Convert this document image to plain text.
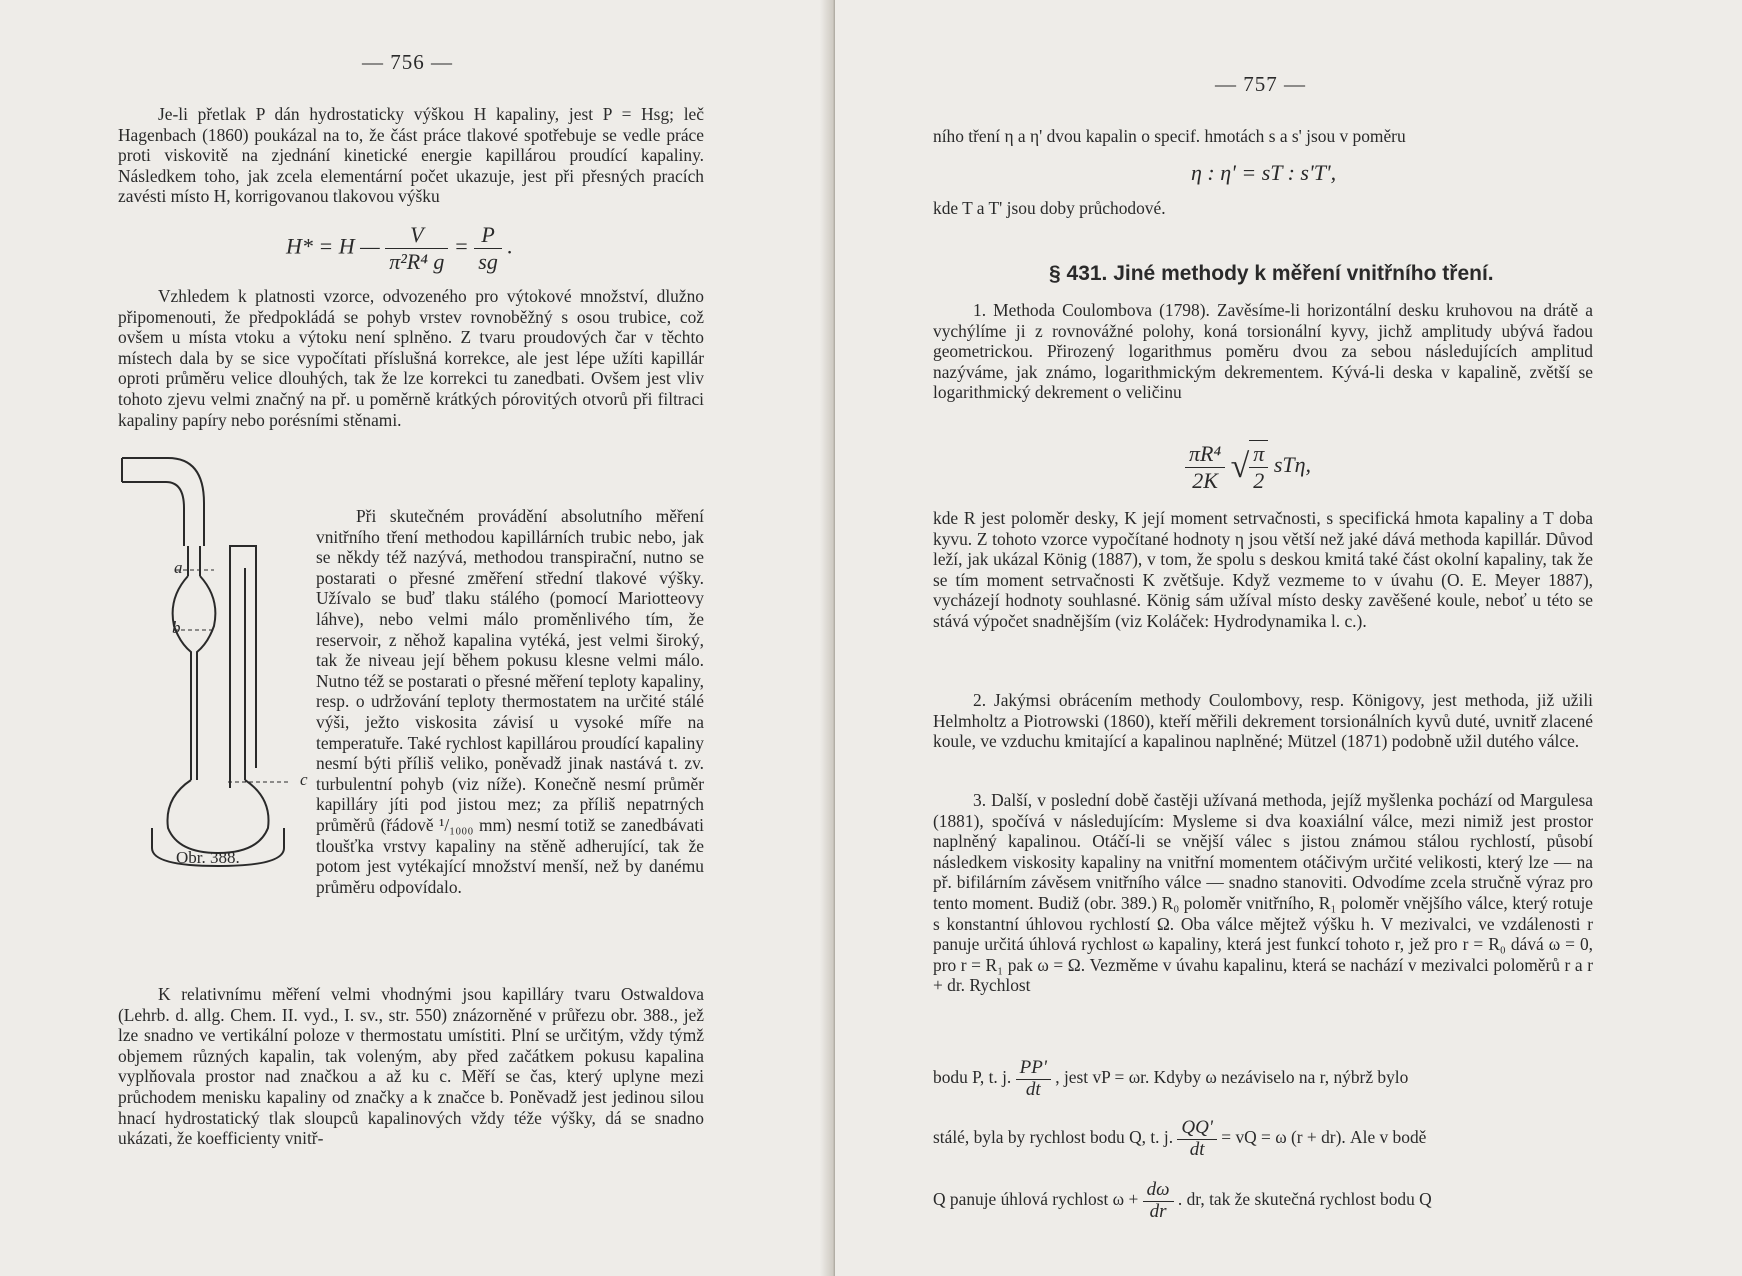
— 756 —

Je-li přetlak P dán hydrostaticky výškou H kapaliny, jest P = Hsg; leč Hagenbach (1860) poukázal na to, že část práce tlakové spotřebuje se vedle práce proti viskovitě na zjednání kinetické energie kapillárou proudící kapaliny. Následkem toho, jak zcela elementární počet ukazuje, jest při přesných pracích zavésti místo H, korrigovanou tlakovou výšku

H* = H — $\frac{V}{\text{π²R⁴ g}} = \frac{P}{sg}$ .

Vzhledem k platnosti vzorce, odvozeného pro výtokové množství, dlužno připomenouti, že předpokládá se pohyb vrstev rovnoběžný s osou trubice, což ovšem u místa vtoku a výtoku není splněno. Z tvaru proudových čar v těchto místech dala by se sice vypočítati příslušná korrekce, ale jest lépe užíti kapillár oproti průměru velice dlouhých, tak že lze korrekci tu zanedbati. Ovšem jest vliv tohoto zjevu velmi značný na př. u poměrně krátkých pórovitých otvorů při filtraci kapaliny papíry nebo porésními stěnami.

a
b
c
Obr. 388.

Při skutečném provádění absolutního měření vnitřního tření methodou kapillárních trubic nebo, jak se někdy též nazývá, methodou transpirační, nutno se postarati o přesné změření střední tlakové výšky. Užívalo se buď tlaku stálého (pomocí Mariotteovy láhve), nebo velmi málo proměnlivého tím, že reservoir, z něhož kapalina vytéká, jest velmi široký, tak že niveau její během pokusu klesne velmi málo. Nutno též se postarati o přesné měření teploty kapaliny, resp. o udržování teploty thermostatem na určité stálé výši, ježto viskosita závisí u vysoké míře na temperatuře. Také rychlost kapillárou proudící kapaliny nesmí býti příliš veliko, poněvadž jinak nastává t. zv. turbulentní pohyb (viz níže). Konečně nesmí průměr kapilláry jíti pod jistou mez; za příliš nepatrných průměrů (řádově ¹/₁₀₀₀ mm) nesmí totiž se zanedbávati tloušťka vrstvy kapaliny na stěně adherující, tak že potom jest vytékající množství menší, než by danému průměru odpovídalo.

K relativnímu měření velmi vhodnými jsou kapilláry tvaru Ostwaldova (Lehrb. d. allg. Chem. II. vyd., I. sv., str. 550) znázorněné v průřezu obr. 388., jež lze snadno ve vertikální poloze v thermostatu umístiti. Plní se určitým, vždy týmž objemem různých kapalin, tak voleným, aby před začátkem pokusu kapalina vyplňovala prostor nad značkou a až ku c. Měří se čas, který uplyne mezi průchodem menisku kapaliny od značky a k značce b. Poněvadž jest jedinou silou hnací hydrostatický tlak sloupců kapalinových vždy téže výšky, dá se snadno ukázati, že koefficienty vnitř-

— 757 —

ního tření η a η' dvou kapalin o specif. hmotách s a s' jsou v poměru

η : η' = sT : s'T',

kde T a T' jsou doby průchodové.

§ 431. Jiné methody k měření vnitřního tření.

1. Methoda Coulombova (1798). Zavěsíme-li horizontální desku kruhovou na drátě a vychýlíme ji z rovnovážné polohy, koná torsionální kyvy, jichž amplitudy ubývá řadou geometrickou. Přirozený logarithmus poměru dvou za sebou následujících amplitud nazýváme, jak známo, logarithmickým dekrementem. Kývá-li deska v kapalině, zvětší se logarithmický dekrement o veličinu

$\frac{\text{πR⁴}}{2K}$ √ $\frac{\pi}{2} sT\eta$,

kde R jest poloměr desky, K její moment setrvačnosti, s specifická hmota kapaliny a T doba kyvu. Z tohoto vzorce vypočítané hodnoty η jsou větší než jaké dává methoda kapillár. Důvod leží, jak ukázal König (1887), v tom, že spolu s deskou kmitá také část okolní kapaliny, tak že se tím moment setrvačnosti K zvětšuje. Když vezmeme to v úvahu (O. E. Meyer 1887), vycházejí hodnoty souhlasné. König sám užíval místo desky zavěšené koule, neboť u této se stává výpočet snadnějším (viz Koláček: Hydrodynamika l. c.).

2. Jakýmsi obrácením methody Coulombovy, resp. Königovy, jest methoda, již užili Helmholtz a Piotrowski (1860), kteří měřili dekrement torsionálních kyvů duté, uvnitř zlacené koule, ve vzduchu kmitající a kapalinou naplněné; Mützel (1871) podobně užil dutého válce.

3. Další, v poslední době častěji užívaná methoda, jejíž myšlenka pochází od Margulesa (1881), spočívá v následujícím: Mysleme si dva koaxiální válce, mezi nimiž jest prostor naplněný kapalinou. Otáčí-li se vnější válec s jistou známou stálou rychlostí, působí následkem viskosity kapaliny na vnitřní momentem otáčivým určité velikosti, který lze — na př. bifilárním závěsem vnitřního válce — snadno stanoviti. Odvodíme zcela stručně výraz pro tento moment. Budiž (obr. 389.) R₀ poloměr vnitřního, R₁ poloměr vnějšího válce, který rotuje s konstantní úhlovou rychlostí Ω. Oba válce mějtež výšku h. V mezivalci, ve vzdálenosti r panuje určitá úhlová rychlost ω kapaliny, která jest funkcí tohoto r, jež pro r = R₀ dává ω = 0, pro r = R₁ pak ω = Ω. Vezměme v úvahu kapalinu, která se nachází v mezivalci poloměrů r a r + dr. Rychlost

bodu P, t. j. $\frac{PP'}{dt}$ , jest vP = ωr. Kdyby ω nezáviselo na r, nýbrž bylo
stálé, byla by rychlost bodu Q, t. j. $\frac{QQ'}{dt}$ = vQ = ω (r + dr). Ale v bodě
Q panuje úhlová rychlost $\omega + \frac{d\omega}{dr}$ . dr, tak že skutečná rychlost bodu Q
